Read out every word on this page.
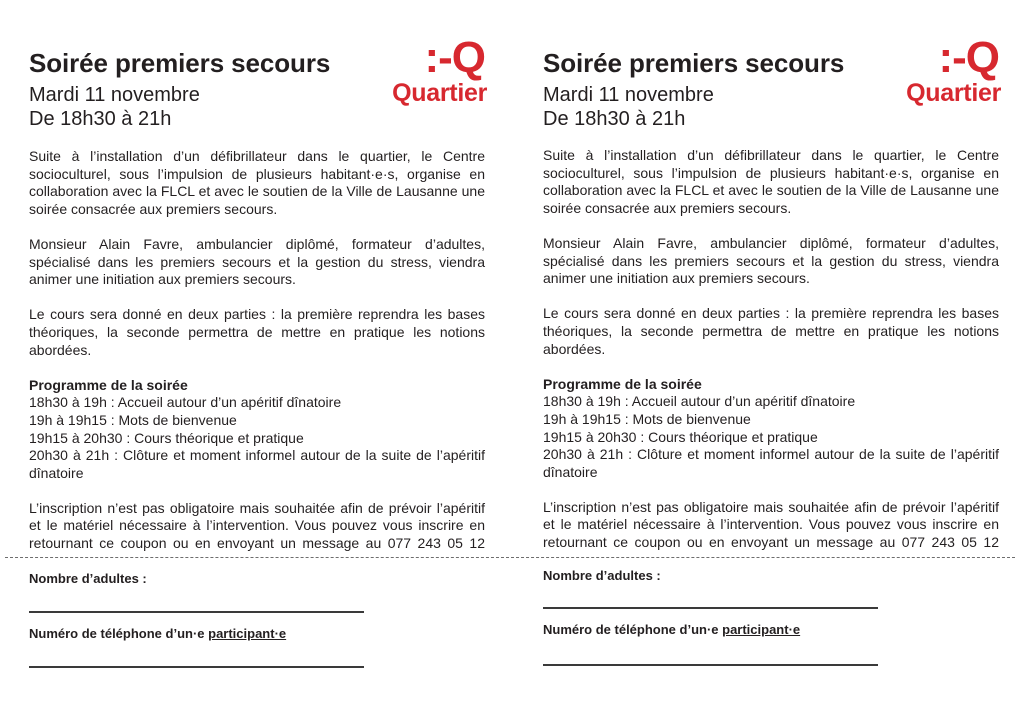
Soirée premiers secours
Mardi 11 novembre
De 18h30 à 21h
:-Q
Quartier

Suite à l’installation d’un défibrillateur dans le quartier, le Centre socioculturel, sous l’impulsion de plusieurs habitant·e·s, organise en collaboration avec la FLCL et avec le soutien de la Ville de Lausanne une soirée consacrée aux premiers secours.

Monsieur Alain Favre, ambulancier diplômé, formateur d’adultes, spécialisé dans les premiers secours et la gestion du stress, viendra animer une initiation aux premiers secours.

Le cours sera donné en deux parties : la première reprendra les bases théoriques, la seconde permettra de mettre en pratique les notions abordées.

Programme de la soirée
18h30 à 19h : Accueil autour d’un apéritif dînatoire
19h à 19h15 : Mots de bienvenue
19h15 à 20h30 : Cours théorique et pratique
20h30 à 21h : Clôture et moment informel autour de la suite de l’apéritif dînatoire

L’inscription n’est pas obligatoire mais souhaitée afin de prévoir l’apéritif et le matériel nécessaire à l’intervention. Vous pouvez vous inscrire en retournant ce coupon ou en envoyant un message au 077 243 05 12

Nombre d’adultes :
Numéro de téléphone d’un·e participant·e
Soirée premiers secours
Mardi 11 novembre
De 18h30 à 21h
:-Q
Quartier

Suite à l’installation d’un défibrillateur dans le quartier, le Centre socioculturel, sous l’impulsion de plusieurs habitant·e·s, organise en collaboration avec la FLCL et avec le soutien de la Ville de Lausanne une soirée consacrée aux premiers secours.

Monsieur Alain Favre, ambulancier diplômé, formateur d’adultes, spécialisé dans les premiers secours et la gestion du stress, viendra animer une initiation aux premiers secours.

Le cours sera donné en deux parties : la première reprendra les bases théoriques, la seconde permettra de mettre en pratique les notions abordées.

Programme de la soirée
18h30 à 19h : Accueil autour d’un apéritif dînatoire
19h à 19h15 : Mots de bienvenue
19h15 à 20h30 : Cours théorique et pratique
20h30 à 21h : Clôture et moment informel autour de la suite de l’apéritif dînatoire

L’inscription n’est pas obligatoire mais souhaitée afin de prévoir l’apéritif et le matériel nécessaire à l’intervention. Vous pouvez vous inscrire en retournant ce coupon ou en envoyant un message au 077 243 05 12

Nombre d’adultes :
Numéro de téléphone d’un·e participant·e
